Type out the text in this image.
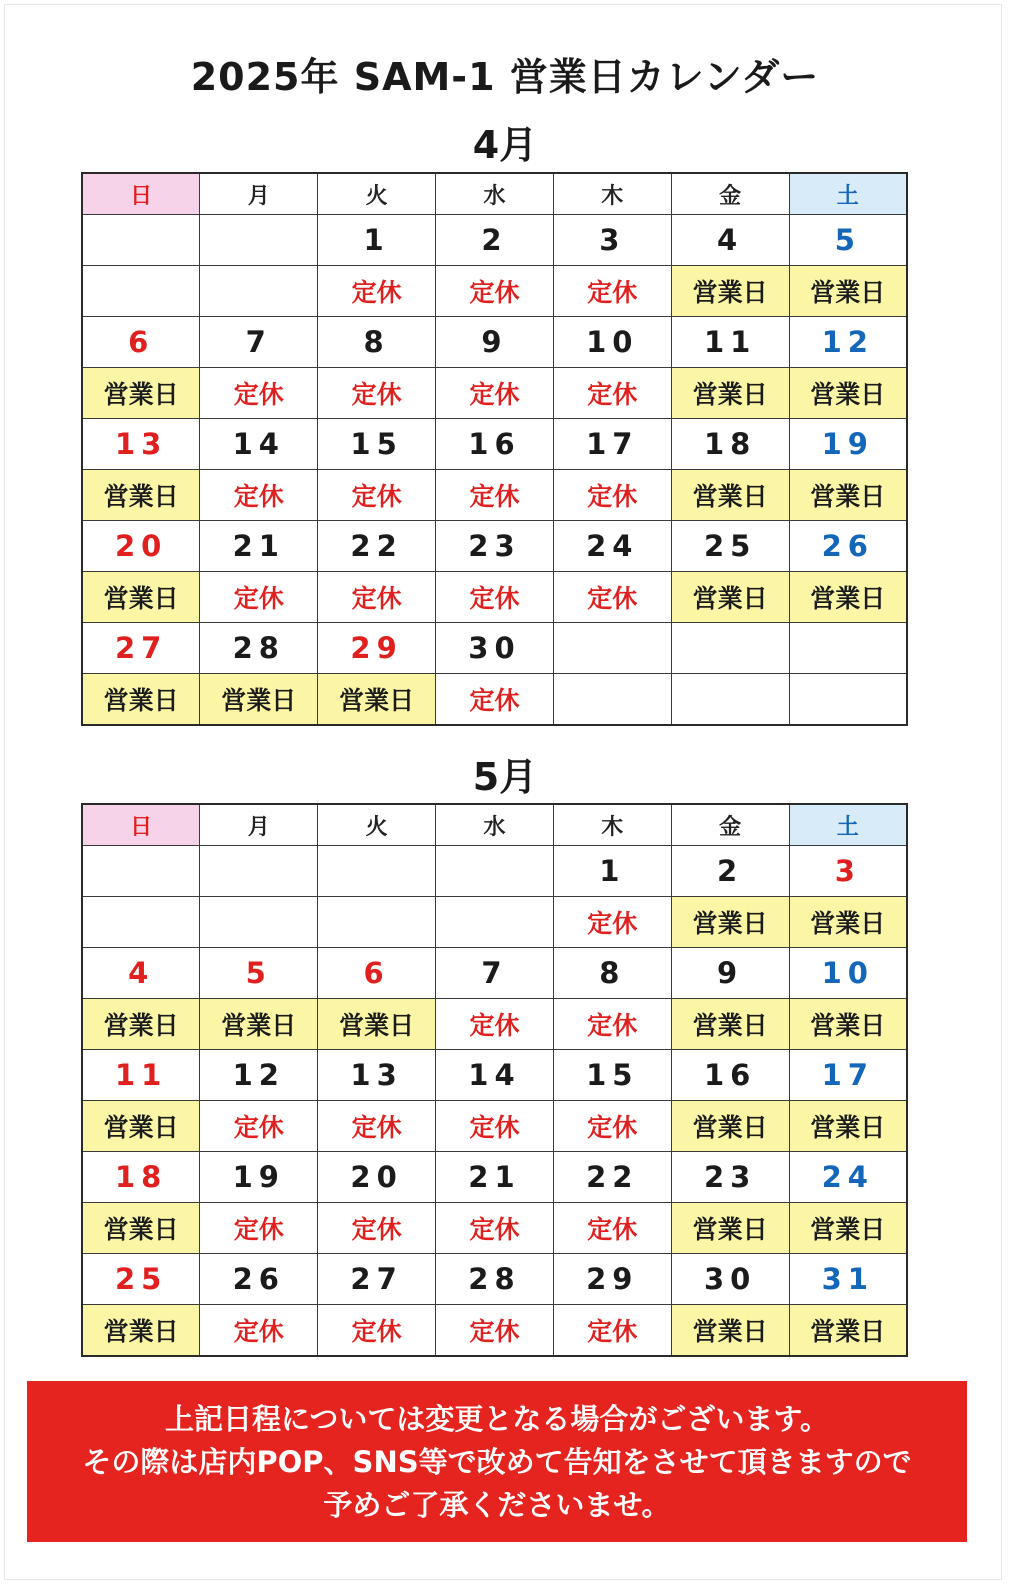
2025年 SAM-1 営業日カレンダー
4月
日	月	火	水	木	金	土
		1	2	3	4	5
		定休	定休	定休	営業日	営業日
6	7	8	9	10	11	12
営業日	定休	定休	定休	定休	営業日	営業日
13	14	15	16	17	18	19
営業日	定休	定休	定休	定休	営業日	営業日
20	21	22	23	24	25	26
営業日	定休	定休	定休	定休	営業日	営業日
27	28	29	30			
営業日	営業日	営業日	定休			
5月
日	月	火	水	木	金	土
				1	2	3
				定休	営業日	営業日
4	5	6	7	8	9	10
営業日	営業日	営業日	定休	定休	営業日	営業日
11	12	13	14	15	16	17
営業日	定休	定休	定休	定休	営業日	営業日
18	19	20	21	22	23	24
営業日	定休	定休	定休	定休	営業日	営業日
25	26	27	28	29	30	31
営業日	定休	定休	定休	定休	営業日	営業日
上記日程については変更となる場合がございます。
その際は店内POP、SNS等で改めて告知をさせて頂きますので
予めご了承くださいませ。
